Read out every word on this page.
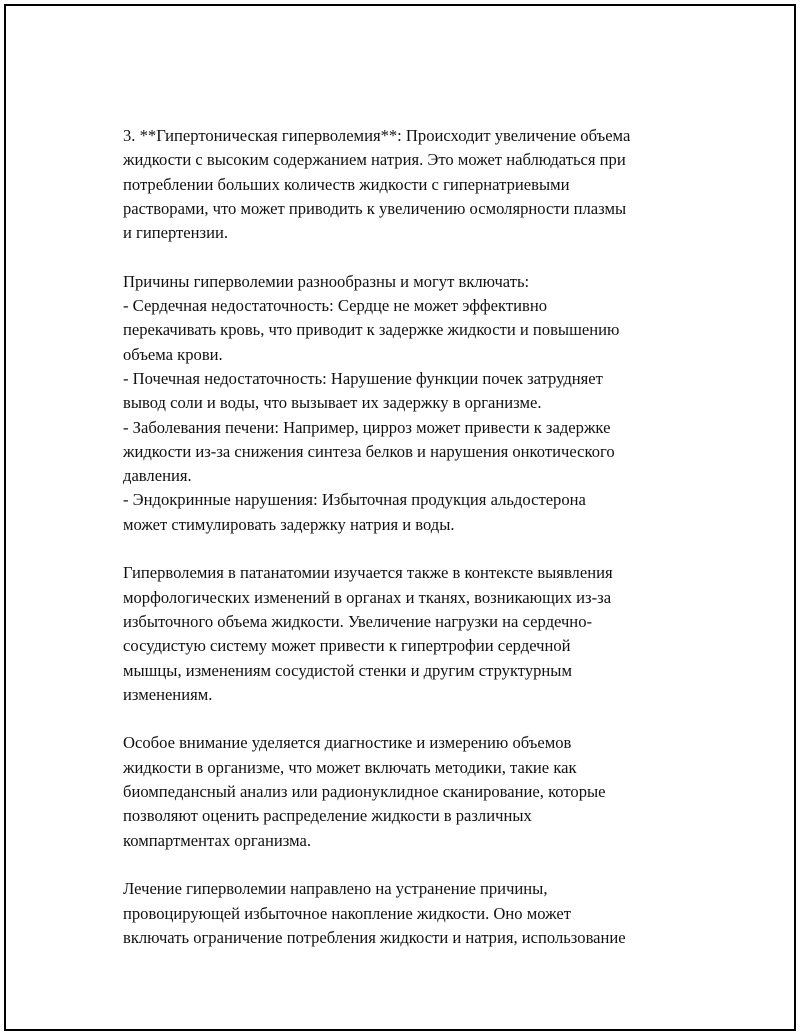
3. **Гипертоническая гиперволемия**: Происходит увеличение объема
жидкости с высоким содержанием натрия. Это может наблюдаться при
потреблении больших количеств жидкости с гипернатриевыми
растворами, что может приводить к увеличению осмолярности плазмы
и гипертензии.

Причины гиперволемии разнообразны и могут включать:
- Сердечная недостаточность: Сердце не может эффективно
перекачивать кровь, что приводит к задержке жидкости и повышению
объема крови.
- Почечная недостаточность: Нарушение функции почек затрудняет
вывод соли и воды, что вызывает их задержку в организме.
- Заболевания печени: Например, цирроз может привести к задержке
жидкости из-за снижения синтеза белков и нарушения онкотического
давления.
- Эндокринные нарушения: Избыточная продукция альдостерона
может стимулировать задержку натрия и воды.

Гиперволемия в патанатомии изучается также в контексте выявления
морфологических изменений в органах и тканях, возникающих из-за
избыточного объема жидкости. Увеличение нагрузки на сердечно-
сосудистую систему может привести к гипертрофии сердечной
мышцы, изменениям сосудистой стенки и другим структурным
изменениям.

Особое внимание уделяется диагностике и измерению объемов
жидкости в организме, что может включать методики, такие как
биомпедансный анализ или радионуклидное сканирование, которые
позволяют оценить распределение жидкости в различных
компартментах организма.

Лечение гиперволемии направлено на устранение причины,
провоцирующей избыточное накопление жидкости. Оно может
включать ограничение потребления жидкости и натрия, использование
